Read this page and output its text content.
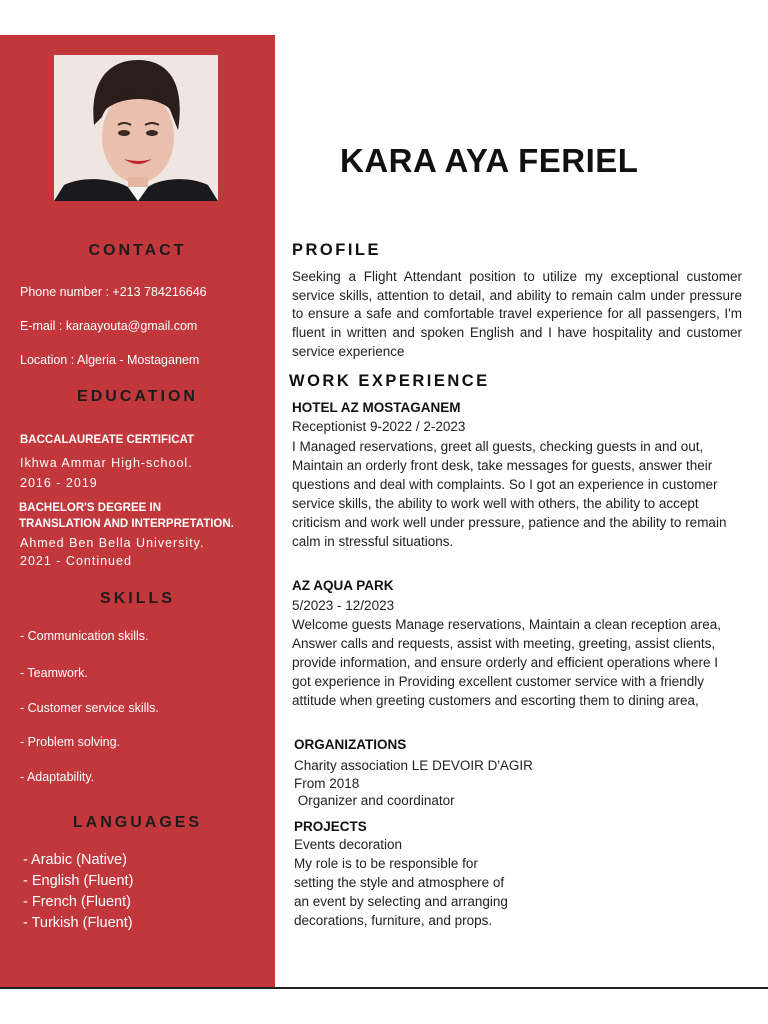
CONTACT
Phone number : +213 784216646
E-mail : karaayouta@gmail.com
Location : Algeria - Mostaganem
EDUCATION
BACCALAUREATE CERTIFICAT
Ikhwa Ammar High-school.
2016 - 2019
BACHELOR'S DEGREE IN
TRANSLATION AND INTERPRETATION.
Ahmed Ben Bella University.
2021 - Continued
SKILLS
- Communication skills.
- Teamwork.
- Customer service skills.
- Problem solving.
- Adaptability.
LANGUAGES
- Arabic (Native)
- English (Fluent)
- French (Fluent)
- Turkish (Fluent)
KARA AYA FERIEL
PROFILE
Seeking a Flight Attendant position to utilize my exceptional customer service skills, attention to detail, and ability to remain calm under pressure to ensure a safe and comfortable travel experience for all passengers, I'm fluent in written and spoken English and I have hospitality and customer service experience
WORK EXPERIENCE
HOTEL AZ MOSTAGANEM
Receptionist 9-2022 / 2-2023
I Managed reservations, greet all guests, checking guests in and out, Maintain an orderly front desk, take messages for guests, answer their questions and deal with complaints. So I got an experience in customer service skills, the ability to work well with others, the ability to accept criticism and work well under pressure, patience and the ability to remain calm in stressful situations.
AZ AQUA PARK
5/2023 - 12/2023
Welcome guests Manage reservations, Maintain a clean reception area, Answer calls and requests, assist with meeting, greeting, assist clients, provide information, and ensure orderly and efficient operations where I got experience in Providing excellent customer service with a friendly attitude when greeting customers and escorting them to dining area,
ORGANIZATIONS
Charity association LE DEVOIR D'AGIR
From 2018
Organizer and coordinator
PROJECTS
Events decoration
My role is to be responsible for
setting the style and atmosphere of
an event by selecting and arranging
decorations, furniture, and props.
